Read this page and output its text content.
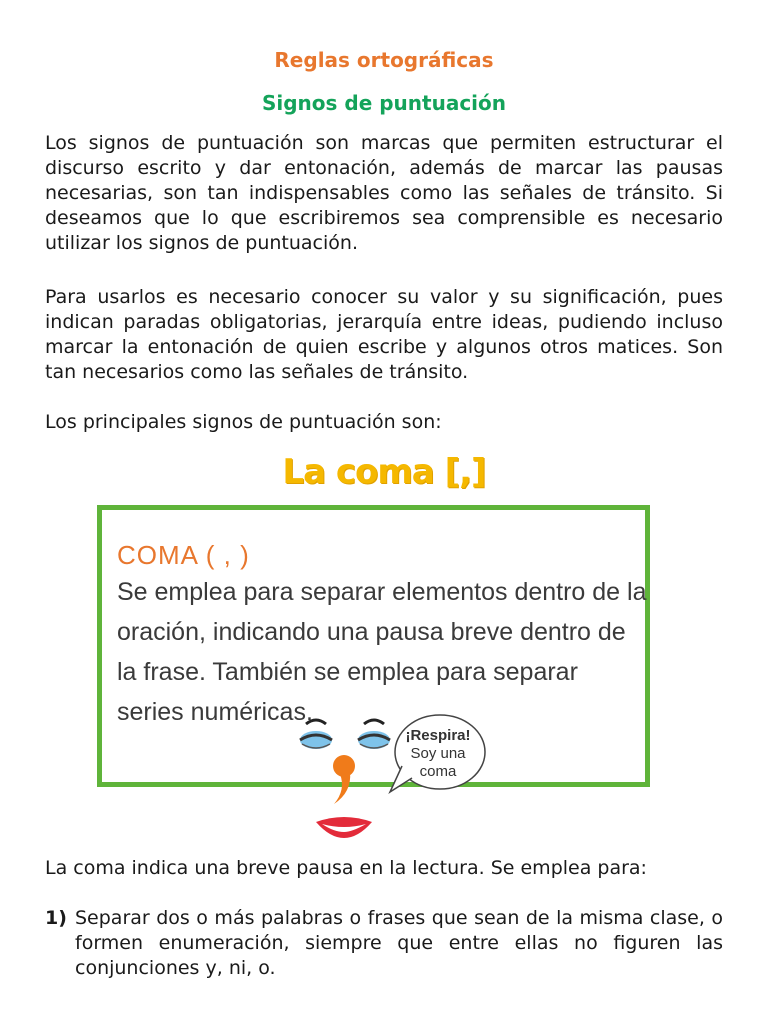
Reglas ortográficas
Signos de puntuación

Los signos de puntuación son marcas que permiten estructurar el discurso escrito y dar entonación, además de marcar las pausas necesarias, son tan indispensables como las señales de tránsito. Si deseamos que lo que escribiremos sea comprensible es necesario utilizar los signos de puntuación.

Para usarlos es necesario conocer su valor y su significación, pues indican paradas obligatorias, jerarquía entre ideas, pudiendo incluso marcar la entonación de quien escribe y algunos otros matices. Son tan necesarios como las señales de tránsito.

Los principales signos de puntuación son:

La coma [,]
COMA ( , )
Se emplea para separar elementos dentro de la oración, indicando una pausa breve dentro de la frase. También se emplea para separar series numéricas.
¡Respira!
Soy una
coma

La coma indica una breve pausa en la lectura. Se emplea para:

1) Separar dos o más palabras o frases que sean de la misma clase, o formen enumeración, siempre que entre ellas no figuren las conjunciones y, ni, o.
